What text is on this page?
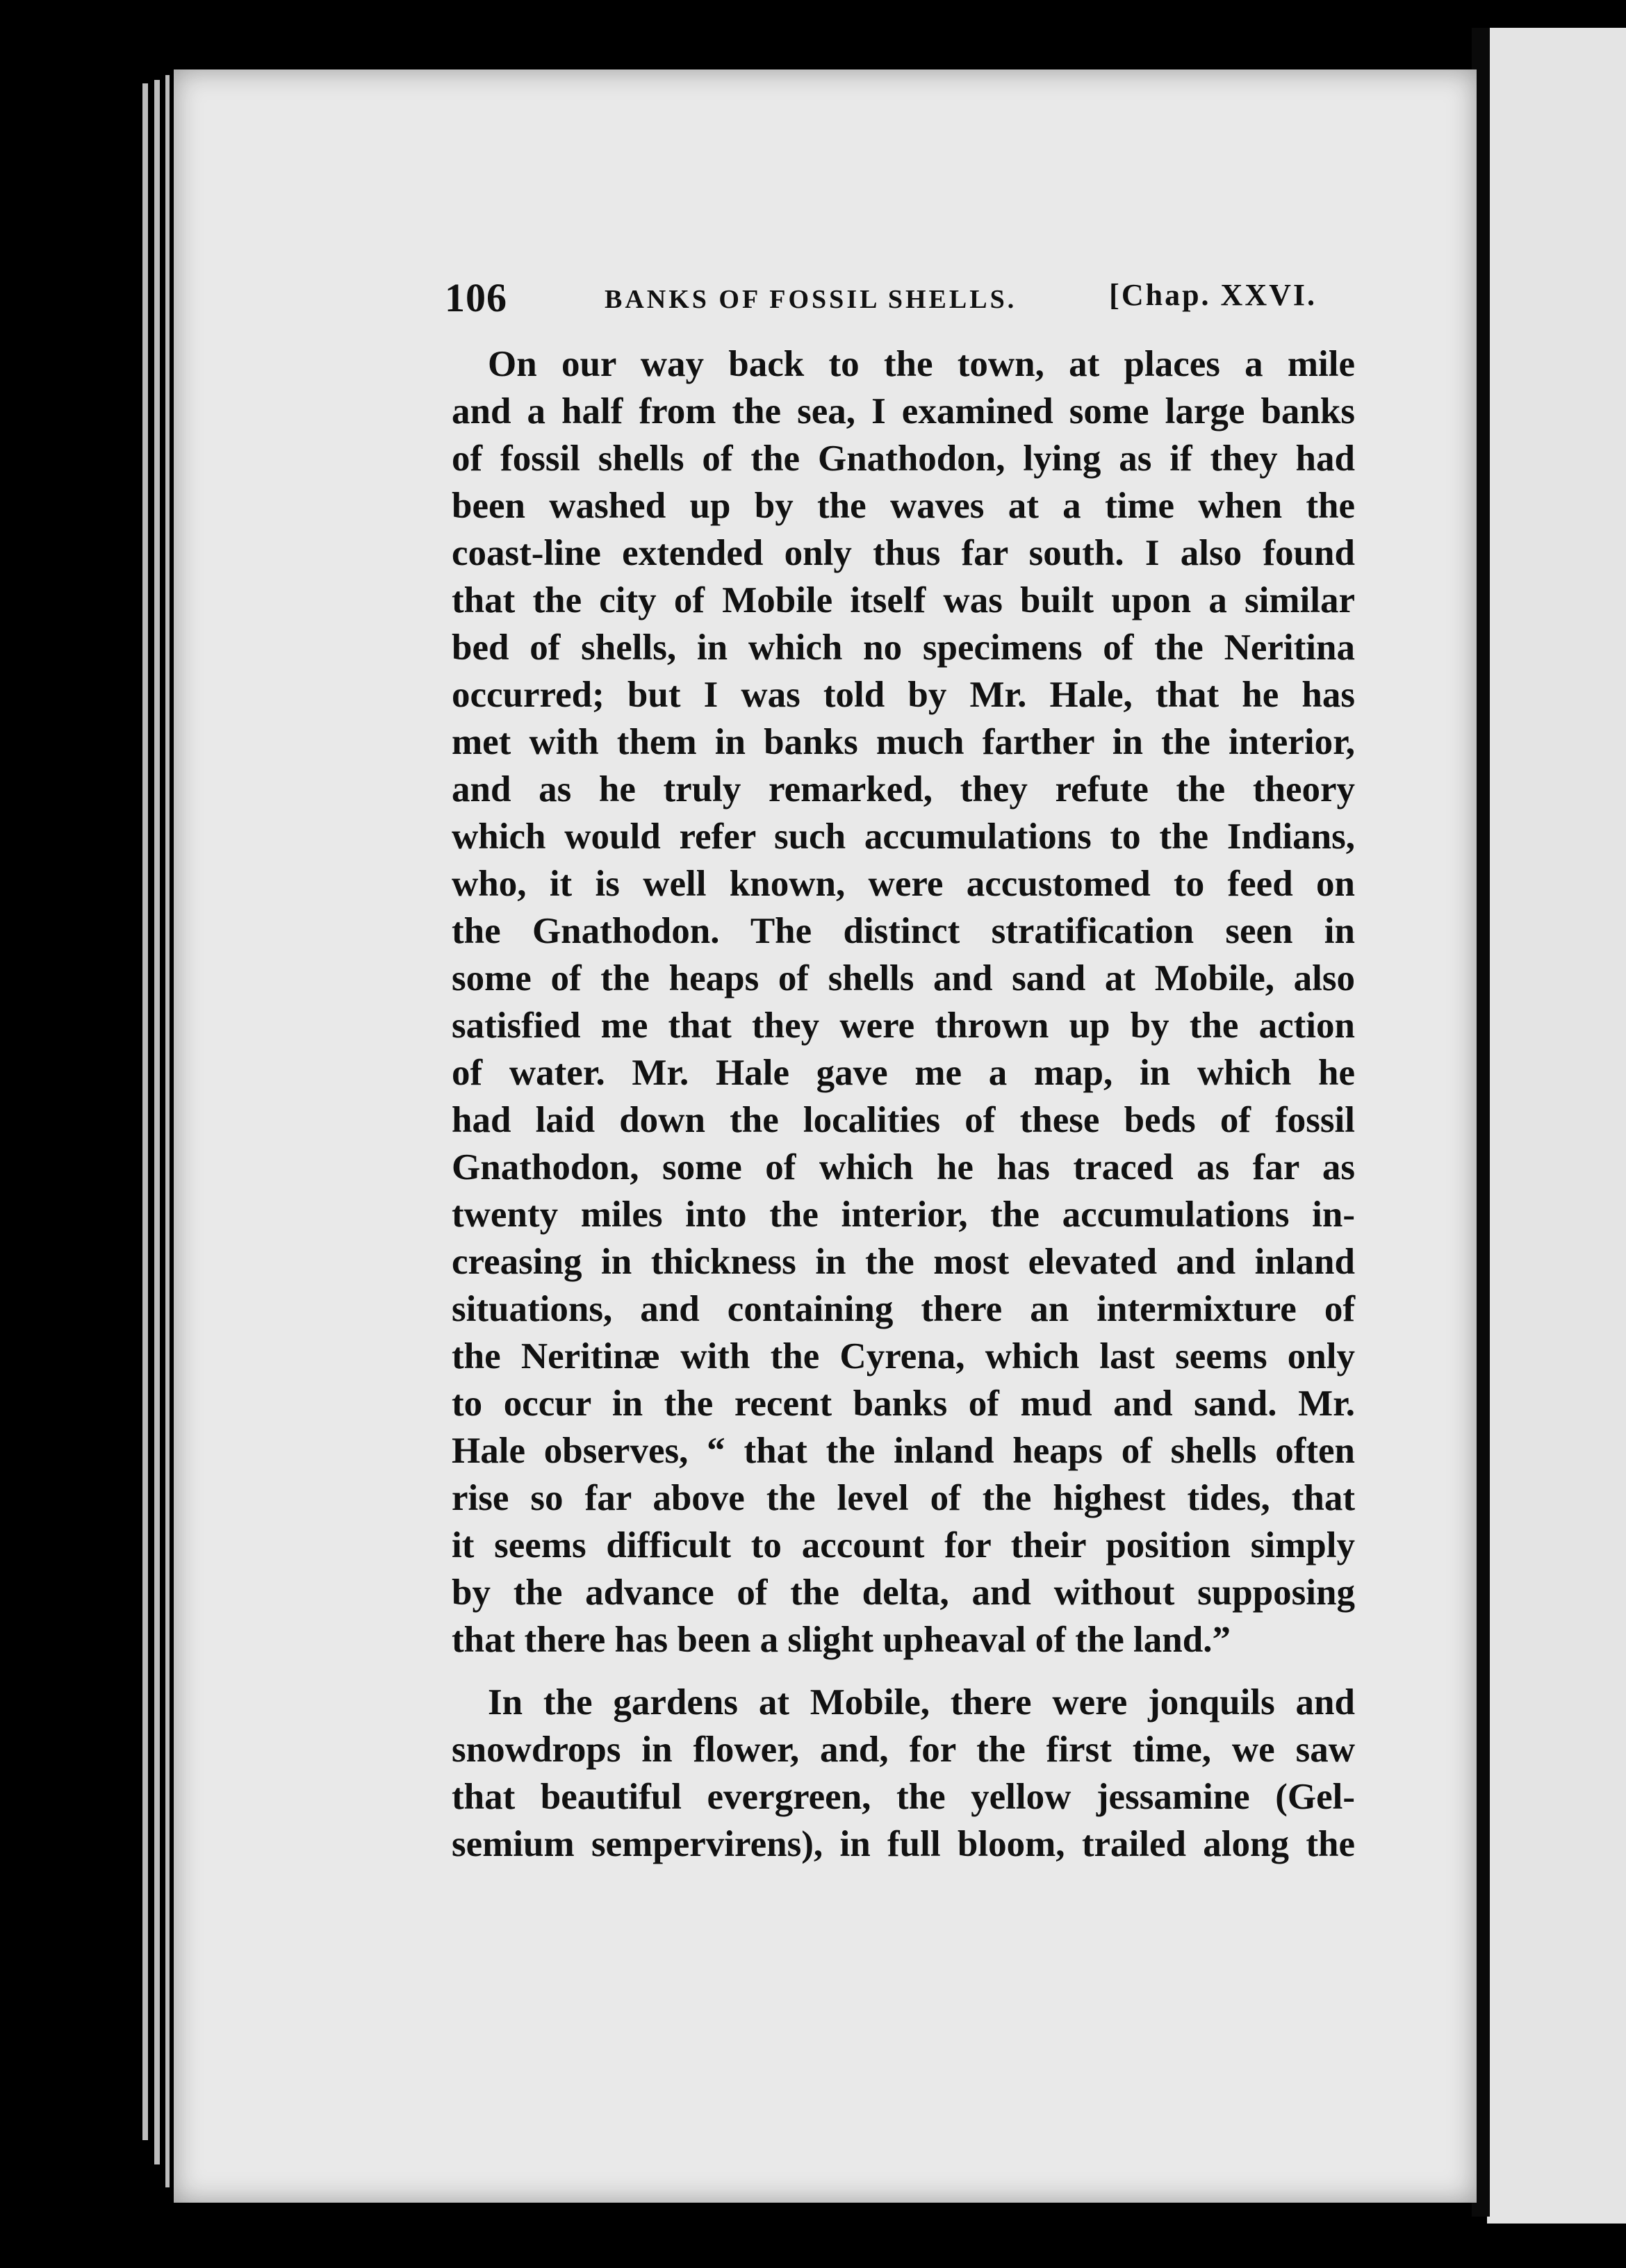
106	BANKS OF FOSSIL SHELLS.	[Chap. XXVI.
On our way back to the town, at places a mile
and a half from the sea, I examined some large banks
of fossil shells of the Gnathodon, lying as if they had
been washed up by the waves at a time when the
coast-line extended only thus far south. I also found
that the city of Mobile itself was built upon a similar
bed of shells, in which no specimens of the Neritina
occurred; but I was told by Mr. Hale, that he has
met with them in banks much farther in the interior,
and as he truly remarked, they refute the theory
which would refer such accumulations to the Indians,
who, it is well known, were accustomed to feed on
the Gnathodon. The distinct stratification seen in
some of the heaps of shells and sand at Mobile, also
satisfied me that they were thrown up by the action
of water. Mr. Hale gave me a map, in which he
had laid down the localities of these beds of fossil
Gnathodon, some of which he has traced as far as
twenty miles into the interior, the accumulations in-
creasing in thickness in the most elevated and inland
situations, and containing there an intermixture of
the Neritinæ with the Cyrena, which last seems only
to occur in the recent banks of mud and sand. Mr.
Hale observes, “ that the inland heaps of shells often
rise so far above the level of the highest tides, that
it seems difficult to account for their position simply
by the advance of the delta, and without supposing
that there has been a slight upheaval of the land.”
In the gardens at Mobile, there were jonquils and
snowdrops in flower, and, for the first time, we saw
that beautiful evergreen, the yellow jessamine (Gel-
semium sempervirens), in full bloom, trailed along the
